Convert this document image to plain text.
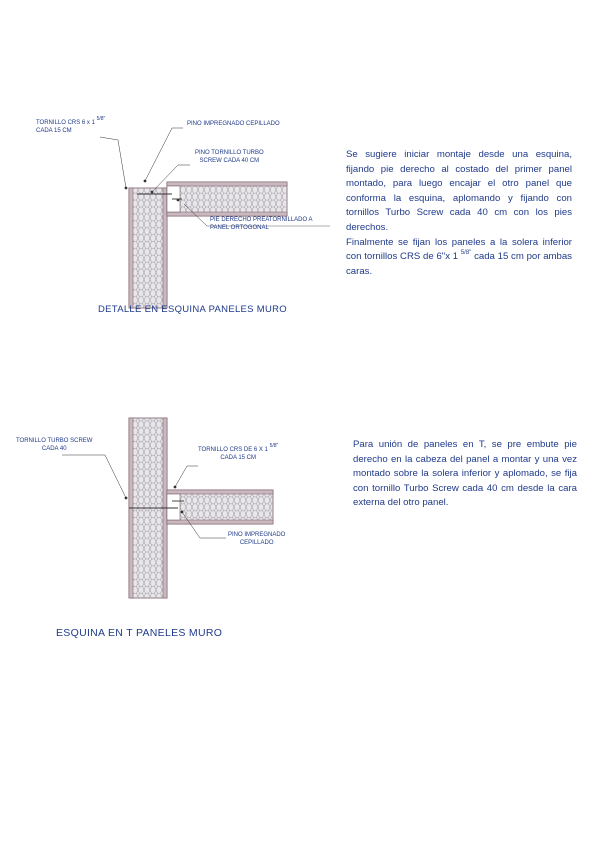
TORNILLO CRS 6 x 1 $^{5/8"}$
CADA 15 CM
PINO IMPREGNADO CEPILLADO
PINO TORNILLO TURBO
SCREW CADA 40 CM
PIE DERECHO PREATORNILLADO A
PANEL ORTOGONAL
DETALLE EN ESQUINA PANELES MURO
Se sugiere iniciar montaje desde una esquina, fijando pie derecho al costado del primer panel montado, para luego encajar el otro panel que conforma la esquina, aplomando y fijando con tornillos Turbo Screw cada 40 cm con los pies derechos.
Finalmente se fijan los paneles a la solera inferior con tornillos CRS de 6"x 1 $^{5/8"}$ cada 15 cm por ambas caras.
TORNILLO TURBO SCREW
CADA 40	TORNILLO CRS DE 6 X 1 $^{5/8"}$
CADA 15 CM
PINO IMPREGNADO
CEPILLADO
ESQUINA EN T PANELES MURO
Para unión de paneles en T, se pre embute pie derecho en la cabeza del panel a montar y una vez montado sobre la solera inferior y aplomado, se fija con tornillo Turbo Screw cada 40 cm desde la cara externa del otro panel.
